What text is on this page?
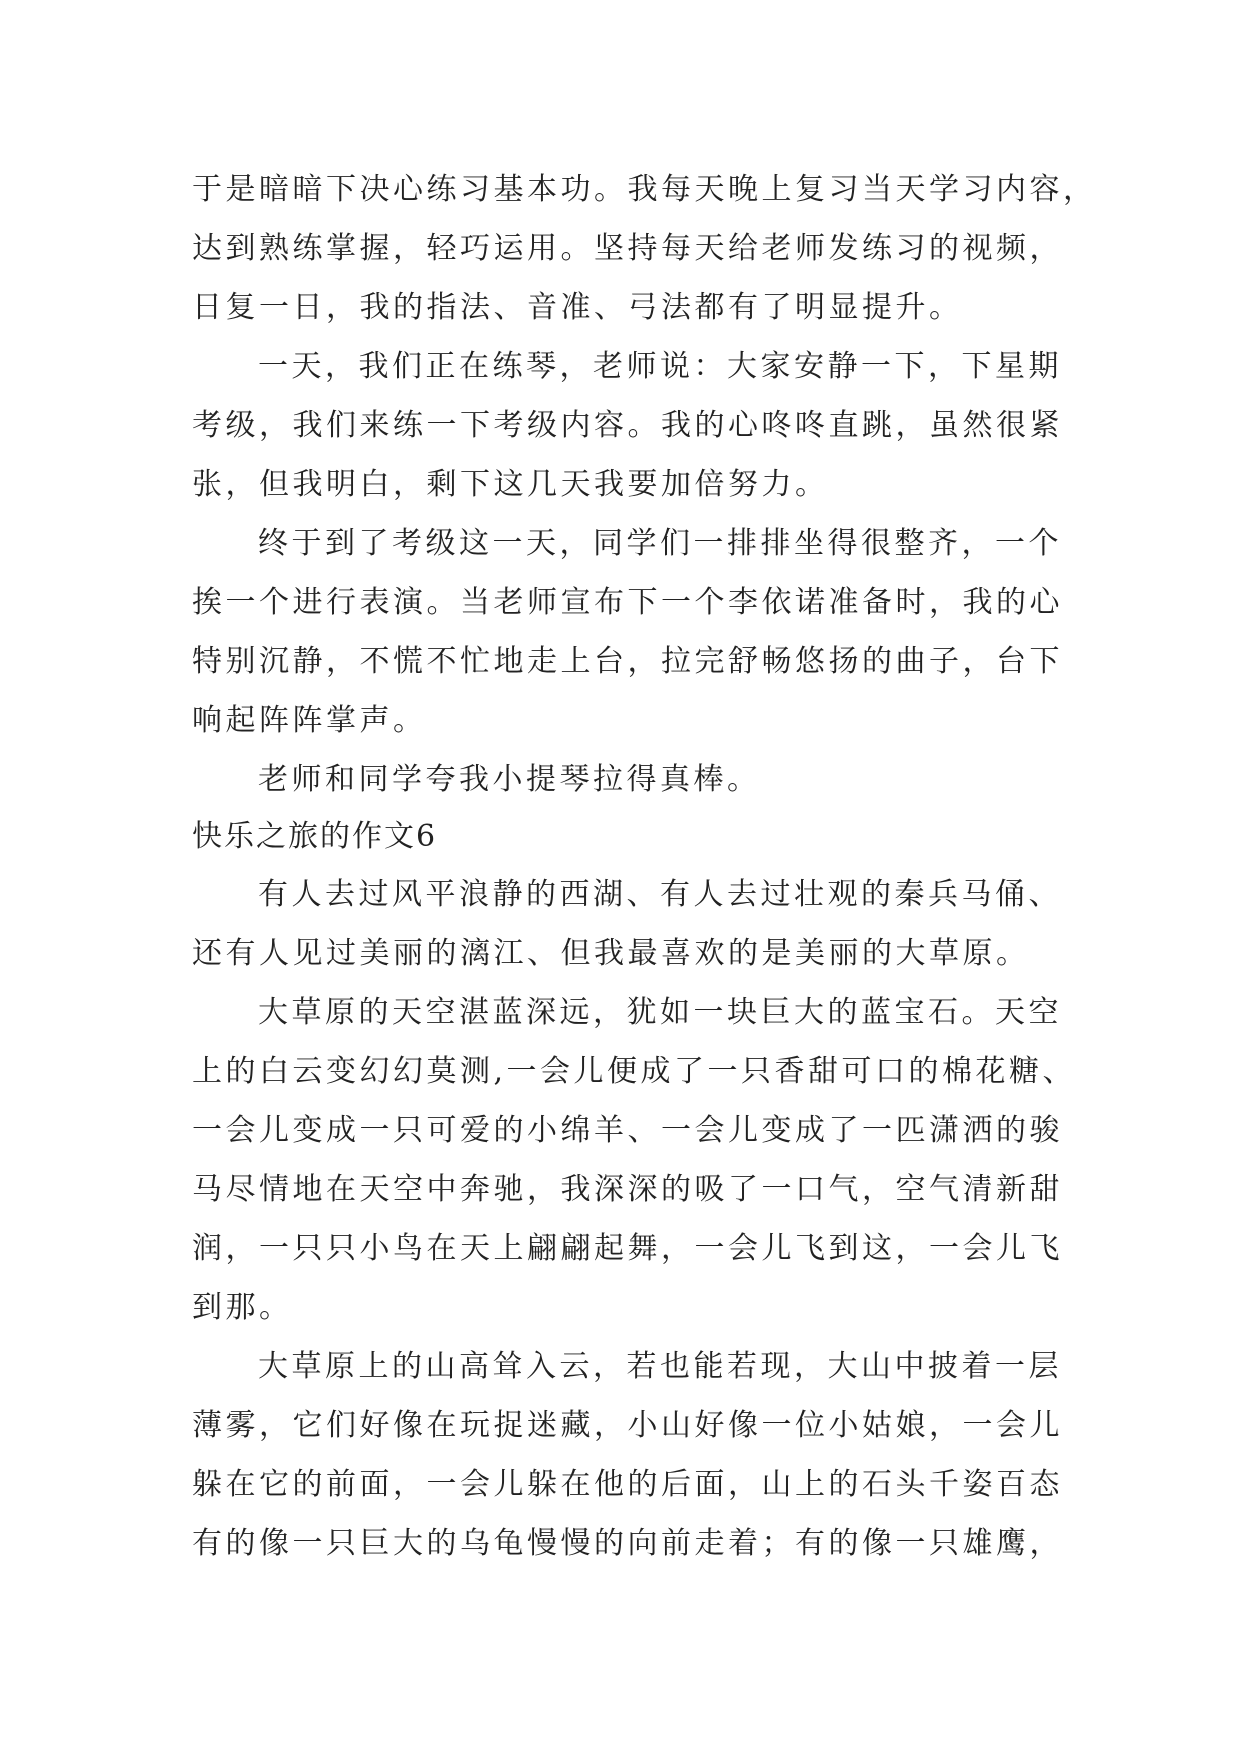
于是暗暗下决心练习基本功。我每天晚上复习当天学习内容，
达到熟练掌握，轻巧运用。坚持每天给老师发练习的视频，
日复一日，我的指法、音准、弓法都有了明显提升。
一天，我们正在练琴，老师说：大家安静一下，下星期
考级，我们来练一下考级内容。我的心咚咚直跳，虽然很紧
张，但我明白，剩下这几天我要加倍努力。
终于到了考级这一天，同学们一排排坐得很整齐，一个
挨一个进行表演。当老师宣布下一个李依诺准备时，我的心
特别沉静，不慌不忙地走上台，拉完舒畅悠扬的曲子，台下
响起阵阵掌声。
老师和同学夸我小提琴拉得真棒。
快乐之旅的作文6
有人去过风平浪静的西湖、有人去过壮观的秦兵马俑、
还有人见过美丽的漓江、但我最喜欢的是美丽的大草原。
大草原的天空湛蓝深远，犹如一块巨大的蓝宝石。天空
上的白云变幻幻莫测,一会儿便成了一只香甜可口的棉花糖、
一会儿变成一只可爱的小绵羊、一会儿变成了一匹潇洒的骏
马尽情地在天空中奔驰，我深深的吸了一口气，空气清新甜
润，一只只小鸟在天上翩翩起舞，一会儿飞到这，一会儿飞
到那。
大草原上的山高耸入云，若也能若现，大山中披着一层
薄雾，它们好像在玩捉迷藏，小山好像一位小姑娘，一会儿
躲在它的前面，一会儿躲在他的后面，山上的石头千姿百态
有的像一只巨大的乌龟慢慢的向前走着；有的像一只雄鹰，
